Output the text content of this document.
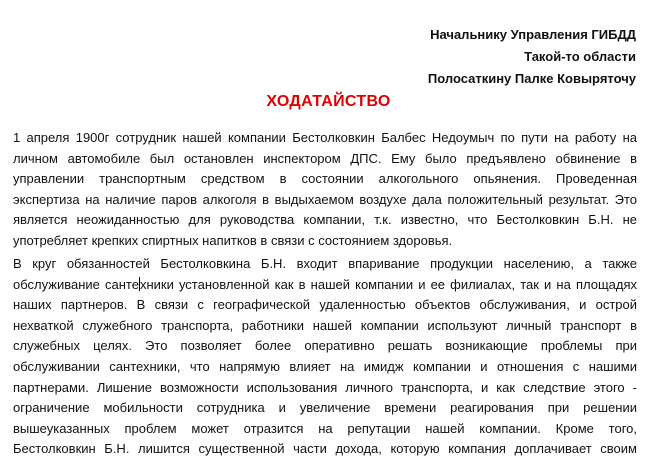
Начальнику Управления ГИБДД
Такой-то области
Полосаткину Палке Ковыряточу
ХОДАТАЙСТВО
1 апреля 1900г сотрудник нашей компании Бестолковкин Балбес Недоумыч по пути на работу на
личном автомобиле был остановлен инспектором ДПС. Ему было предъявлено обвинение в
управлении транспортным средством в состоянии алкогольного опьянения. Проведенная
экспертиза на наличие паров алкоголя в выдыхаемом воздухе дала положительный результат. Это
является неожиданностью для руководства компании, т.к. известно, что Бестолковкин Б.Н. не
употребляет крепких спиртных напитков в связи с состоянием здоровья.
В круг обязанностей Бестолковкина Б.Н. входит впаривание продукции населению, а также
обслуживание сантехники установленной как в нашей компании и ее филиалах, так и на площадях
наших партнеров. В связи с географической удаленностью объектов обслуживания, и острой
нехваткой служебного транспорта, работники нашей компании используют личный транспорт в
служебных целях. Это позволяет более оперативно решать возникающие проблемы при
обслуживании сантехники, что напрямую влияет на имидж компании и отношения с нашими
партнерами. Лишение возможности использования личного транспорта, и как следствие этого -
ограничение мобильности сотрудника и увеличение времени реагирования при решении
вышеуказанных проблем может отразится на репутации нашей компании. Кроме того,
Бестолковкин Б.Н. лишится существенной части дохода, которую компания доплачивает своим
